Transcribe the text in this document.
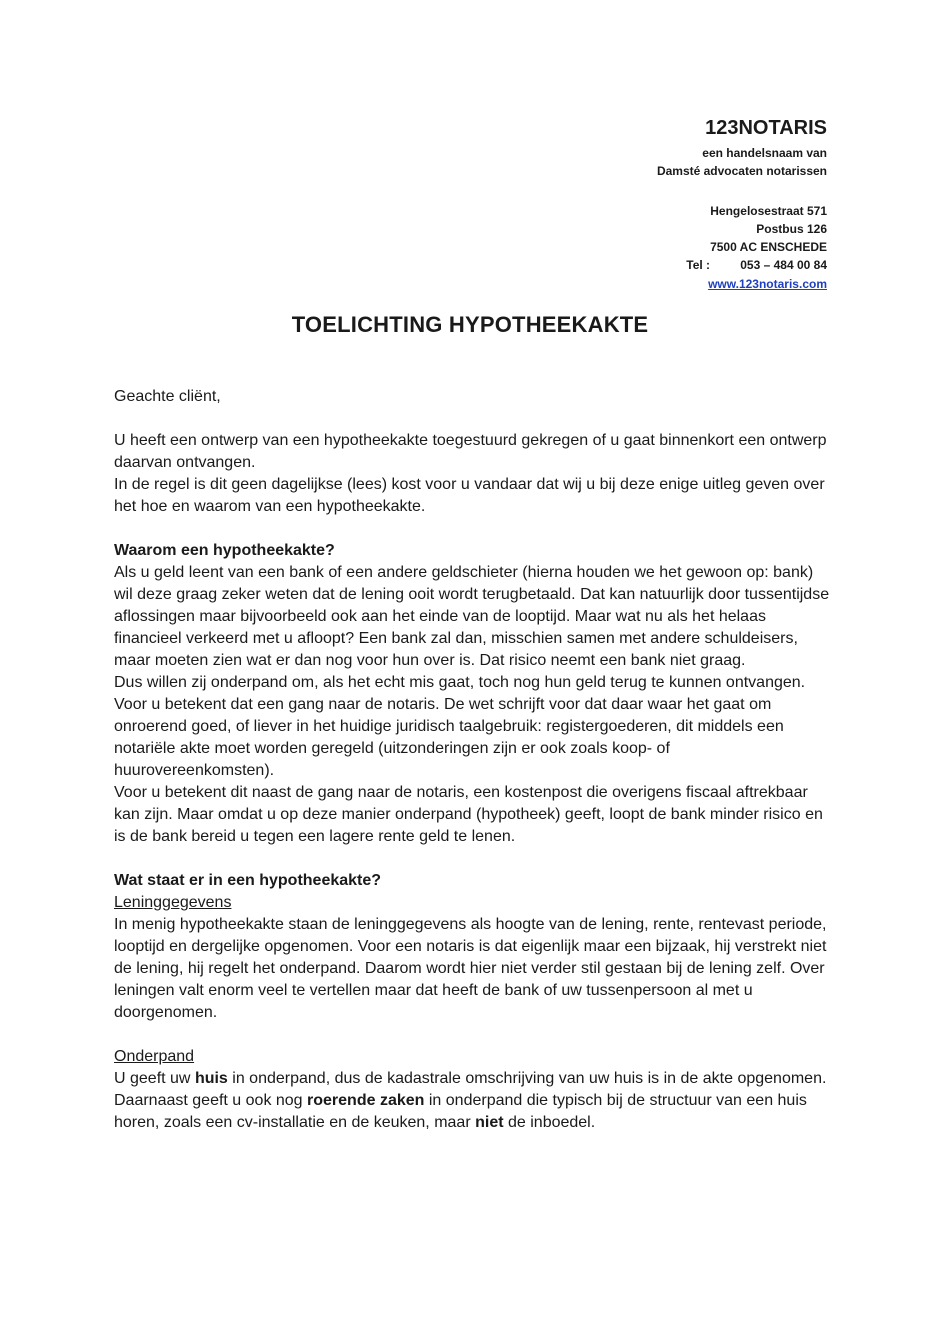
123NOTARIS
een handelsnaam van
Damsté advocaten notarissen
Hengelosestraat 571
Postbus 126
7500 AC ENSCHEDE
Tel :	053 – 484 00 84
www.123notaris.com
TOELICHTING HYPOTHEEKAKTE

Geachte cliënt,

U heeft een ontwerp van een hypotheekakte toegestuurd gekregen of u gaat binnenkort een ontwerp daarvan ontvangen.

In de regel is dit geen dagelijkse (lees) kost voor u vandaar dat wij u bij deze enige uitleg geven over het hoe en waarom van een hypotheekakte.

Waarom een hypotheekakte?

Als u geld leent van een bank of een andere geldschieter (hierna houden we het gewoon op: bank) wil deze graag zeker weten dat de lening ooit wordt terugbetaald. Dat kan natuurlijk door tussentijdse aflossingen maar bijvoorbeeld ook aan het einde van de looptijd. Maar wat nu als het helaas financieel verkeerd met u afloopt? Een bank zal dan, misschien samen met andere schuldeisers, maar moeten zien wat er dan nog voor hun over is. Dat risico neemt een bank niet graag.

Dus willen zij onderpand om, als het echt mis gaat, toch nog hun geld terug te kunnen ontvangen.

Voor u betekent dat een gang naar de notaris. De wet schrijft voor dat daar waar het gaat om onroerend goed, of liever in het huidige juridisch taalgebruik: registergoederen, dit middels een notariële akte moet worden geregeld (uitzonderingen zijn er ook zoals koop- of huurovereenkomsten).

Voor u betekent dit naast de gang naar de notaris, een kostenpost die overigens fiscaal aftrekbaar kan zijn. Maar omdat u op deze manier onderpand (hypotheek) geeft, loopt de bank minder risico en is de bank bereid u tegen een lagere rente geld te lenen.

Wat staat er in een hypotheekakte?

Leninggegevens

In menig hypotheekakte staan de leninggegevens als hoogte van de lening, rente, rentevast periode, looptijd en dergelijke opgenomen. Voor een notaris is dat eigenlijk maar een bijzaak, hij verstrekt niet de lening, hij regelt het onderpand. Daarom wordt hier niet verder stil gestaan bij de lening zelf. Over leningen valt enorm veel te vertellen maar dat heeft de bank of uw tussenpersoon al met u doorgenomen.

Onderpand

U geeft uw huis in onderpand, dus de kadastrale omschrijving van uw huis is in de akte opgenomen.

Daarnaast geeft u ook nog roerende zaken in onderpand die typisch bij de structuur van een huis horen, zoals een cv-installatie en de keuken, maar niet de inboedel.
